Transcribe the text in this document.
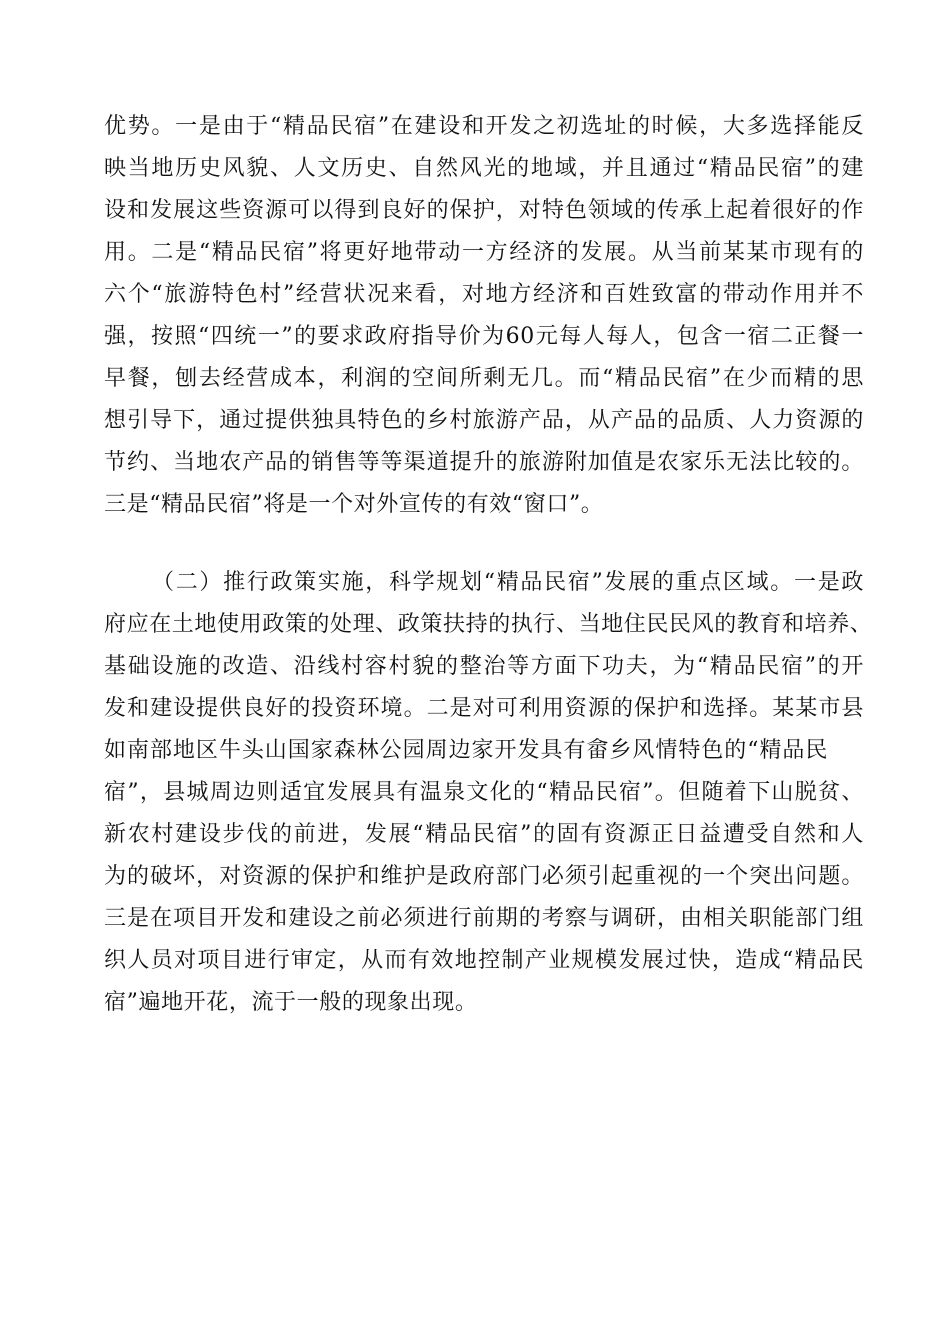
优势。一是由于“精品民宿”在建设和开发之初选址的时候，大多选择能反
映当地历史风貌、人文历史、自然风光的地域，并且通过“精品民宿”的建
设和发展这些资源可以得到良好的保护，对特色领域的传承上起着很好的作
用。二是“精品民宿”将更好地带动一方经济的发展。从当前某某市现有的
六个“旅游特色村”经营状况来看，对地方经济和百姓致富的带动作用并不
强，按照“四统一”的要求政府指导价为60元每人每人，包含一宿二正餐一
早餐，刨去经营成本，利润的空间所剩无几。而“精品民宿”在少而精的思
想引导下，通过提供独具特色的乡村旅游产品，从产品的品质、人力资源的
节约、当地农产品的销售等等渠道提升的旅游附加值是农家乐无法比较的。
三是“精品民宿”将是一个对外宣传的有效“窗口”。
（二）推行政策实施，科学规划“精品民宿”发展的重点区域。一是政
府应在土地使用政策的处理、政策扶持的执行、当地住民民风的教育和培养、
基础设施的改造、沿线村容村貌的整治等方面下功夫，为“精品民宿”的开
发和建设提供良好的投资环境。二是对可利用资源的保护和选择。某某市县
如南部地区牛头山国家森林公园周边家开发具有畲乡风情特色的“精品民
宿”，县城周边则适宜发展具有温泉文化的“精品民宿”。但随着下山脱贫、
新农村建设步伐的前进，发展“精品民宿”的固有资源正日益遭受自然和人
为的破坏，对资源的保护和维护是政府部门必须引起重视的一个突出问题。
三是在项目开发和建设之前必须进行前期的考察与调研，由相关职能部门组
织人员对项目进行审定，从而有效地控制产业规模发展过快，造成“精品民
宿”遍地开花，流于一般的现象出现。
